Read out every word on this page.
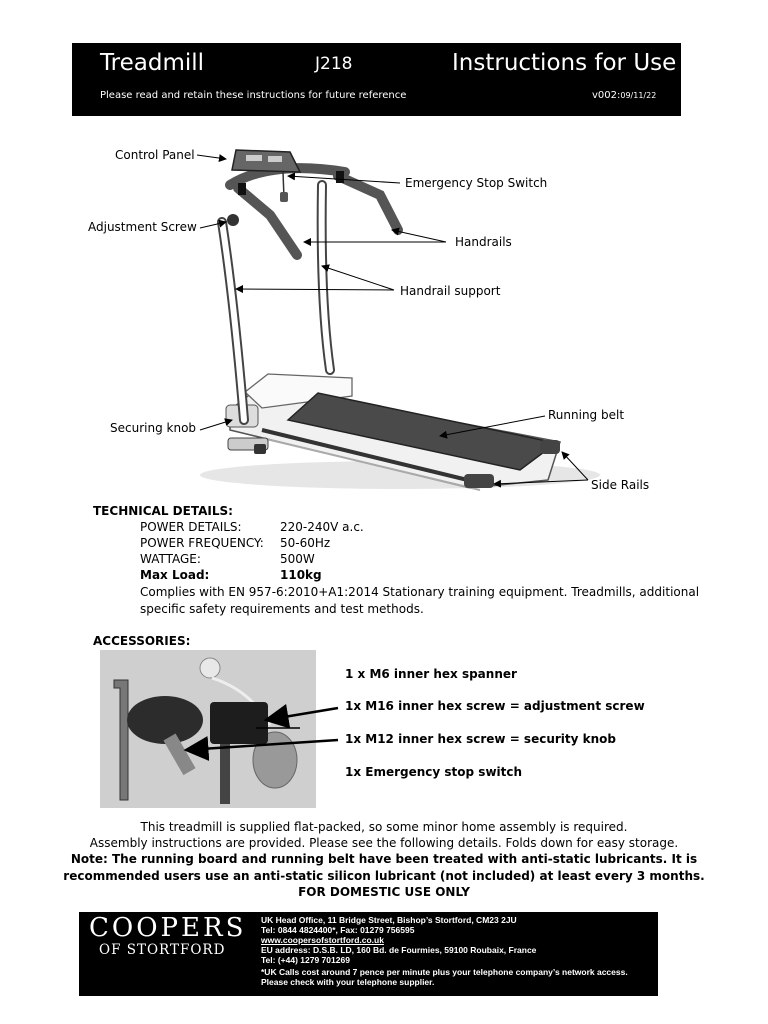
Treadmill	J218	Instructions for Use
Please read and retain these instructions for future reference	v002:09/11/22
Control Panel
Emergency Stop Switch
Adjustment Screw
Handrails
Handrail support
Running belt
Securing knob
Side Rails
TECHNICAL DETAILS:
POWER DETAILS:	220-240V a.c.
POWER FREQUENCY: 50-60Hz
WATTAGE:	500W
Max Load:	110kg
Complies with EN 957-6:2010+A1:2014 Stationary training equipment. Treadmills, additional
specific safety requirements and test methods.
ACCESSORIES:
1 x M6 inner hex spanner
1x M16 inner hex screw = adjustment screw
1x M12 inner hex screw = security knob
1x Emergency stop switch
This treadmill is supplied flat-packed, so some minor home assembly is required.
Assembly instructions are provided. Please see the following details. Folds down for easy storage.
Note: The running board and running belt have been treated with anti-static lubricants. It is
recommended users use an anti-static silicon lubricant (not included) at least every 3 months.
FOR DOMESTIC USE ONLY
COOPERS
OF STORTFORD
UK Head Office, 11 Bridge Street, Bishop’s Stortford, CM23 2JU
Tel: 0844 4824400*, Fax: 01279 756595
www.coopersofstortford.co.uk
EU address: D.S.B. LD, 160 Bd. de Fourmies, 59100 Roubaix, France
Tel: (+44) 1279 701269
*UK Calls cost around 7 pence per minute plus your telephone company’s network access.
Please check with your telephone supplier.
